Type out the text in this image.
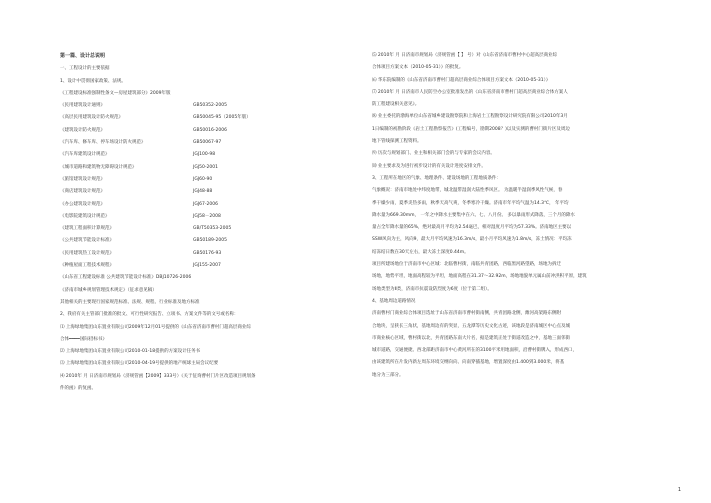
第一篇、设计总说明
一、工程设计的主要依据
1、设计中贯彻国家政策、法规。
《工程建设标准强制性条文—房屋建筑部分》2009年版
《民用建筑设计通则》	GB50352-2005
《高层民用建筑设计防火规范》	GB50045-95（2005年版）
《建筑设计防火规范》	GB50016-2006
《汽车库、修车库、停车场设计防火规范》	GB50067-97
《汽车库建筑设计规范》	JGJ100-98
《城市道路和建筑物无障碍设计规范》	JGJ50-2001
《旅馆建筑设计规范》	JGJ60-90
《商店建筑设计规范》	JGJ48-88
《办公建筑设计规范》	JGJ67-2006
《电影院建筑设计规范》	JGJ58－2008
《建筑工程面积计算规范》	GB/T50353-2005
《公共建筑节能设计标准》	GB50189-2005
《民用建筑热工设计规范》	GB50176-93
《种植屋面工程技术规程》	JGJ155-2007
《山东省工程建设标准 公共建筑节能设计标准》DBJ10726-2006
《济南市城乡规划管理技术规定》（征求意见稿）
其他相关的主要现行国家规范标准、法规、规程、行业标准及地方标准
2、我府有关主管部门批准的批文、可行性研究报告、立项书、方案文件等的文号或名称：
⑴ 上海绿地集团山东置业有限公司2009年12月01号提供的《山东省济南市曹村门超高层商业综
合体━━━━国际招标书》
⑵ 上海绿地集团山东置业有限公司2010-01-18提供的方案设计任务书
⑶ 上海绿地集团山东置业有限公司2010-04-19号提供的地产统球主局会议纪要
⑷ 2010年 月 日济南市规划局（济规管函【2009】333号）《关于征询曹村门片区改造项目规划条
件的函》的复函。
⑸ 2010年 月 日济南市规划局（济规管函【 】 号）对《山东省济南市曹村中心超高层商业综
合体项目方案文本（2010-05-31）》的批复。
⑹ 华东院编制的《山东省济南市曹村门超高层商业综合体项目方案文本（2010-05-31）》
⑺ 2010年 月 日济南市人民防空办公室批准发出的《山东省济南市曹村门超高层商业综合体方案人
防工程建设相关意见》。
⑻ 业主委托的渤海单位山东省城乡建设勘察院和上海岩土工程勘察设计研究院有限公司2010年3月
1日编制的初勘阶段《岩土工程勘察报告》(工程编号，勘期2008？)以及实测的曹村门街片区及周边
地下管线探测工程资料。
⑼ 历次与规划部门、业主和相关部门会的与专家的会议内容。
⑽ 业主要求及为进行初步设计的有关设计进度安排文件。
3、工程所在地区的气象、地理条件、建设场地的工程地质条件：
气象概况：济南市地处中纬度地带，城北温带湿润大陆性季风区。 为温暖半湿润季风性气候，春
季干燥少雨，夏季炎热多雨，秋季天高气爽，冬季寒冷干燥。济南市年平均气温为14.3℃， 年平均
降水量为669.30mm， 一年之中降水主要集中在六、七、八月份。 多以暴雨形式降落，三个月的降水
量占全年降水量的65%，绝对最高月平均为2.54毫巴，相对湿度月平均为57.33%。济南地区主要以
SSW风向为主，风向9，最大月平均风速为16.3m/s，最小月平均风速为1.8m/s，冻土情况：平均冻
结冻结日数在30天左右，最大冻土深度0.44m。
项目所建场地位于济南市中心区城：北临曹村街，南临共青团路，西临黑河路望路，场地为拆迁
场地，地势平坦，地面高程较为平坦，地面高程在31.37～32.92m，场地地貌单元属山前冲洪积平原，建筑
场地类型为Ⅱ类，济南市抗震设防烈度为6度（位于第二组）。
4、基地周边道路情况
济南曹村门商业综合体项目选址于山东省济南市曹村街南侧，共青团路北侧，潍河高架路东侧附
合地块，呈狭长三角状，基地周边有的突显，五龙潭等历史文化古迹，该地段是济南城区中心点及城
市商业核心区域，曹村街以北，共青团路东南大片名，据是建筑正处于街道改造之中，基地三面邻街
城市道路，交通便捷。西北部距济南市中心黄河所在的3100平米用地面积，沿曹村街牌入，形成西口，
由该建筑所在片发内新左周东环境交纲向向、向南穿插基地，增置深度由1.400到3.000米，将基
地分为三部分。
1
